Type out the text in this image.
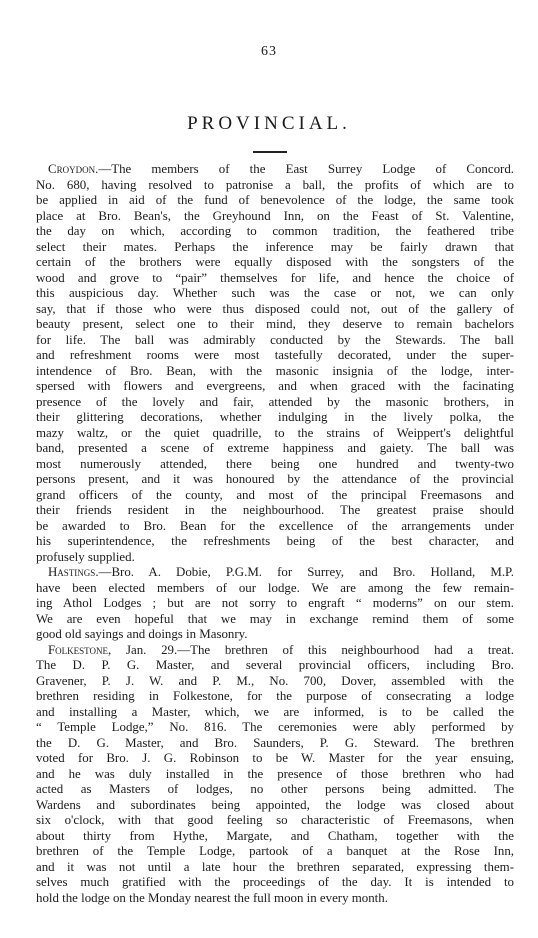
63
PROVINCIAL.
Croydon.—The members of the East Surrey Lodge of Concord.
No. 680, having resolved to patronise a ball, the profits of which are to
be applied in aid of the fund of benevolence of the lodge, the same took
place at Bro. Bean's, the Greyhound Inn, on the Feast of St. Valentine,
the day on which, according to common tradition, the feathered tribe
select their mates. Perhaps the inference may be fairly drawn that
certain of the brothers were equally disposed with the songsters of the
wood and grove to “pair” themselves for life, and hence the choice of
this auspicious day. Whether such was the case or not, we can only
say, that if those who were thus disposed could not, out of the gallery of
beauty present, select one to their mind, they deserve to remain bachelors
for life. The ball was admirably conducted by the Stewards. The ball
and refreshment rooms were most tastefully decorated, under the super-
intendence of Bro. Bean, with the masonic insignia of the lodge, inter-
spersed with flowers and evergreens, and when graced with the facinating
presence of the lovely and fair, attended by the masonic brothers, in
their glittering decorations, whether indulging in the lively polka, the
mazy waltz, or the quiet quadrille, to the strains of Weippert's delightful
band, presented a scene of extreme happiness and gaiety. The ball was
most numerously attended, there being one hundred and twenty-two
persons present, and it was honoured by the attendance of the provincial
grand officers of the county, and most of the principal Freemasons and
their friends resident in the neighbourhood. The greatest praise should
be awarded to Bro. Bean for the excellence of the arrangements under
his superintendence, the refreshments being of the best character, and
profusely supplied.
Hastings.—Bro. A. Dobie, P.G.M. for Surrey, and Bro. Holland, M.P.
have been elected members of our lodge. We are among the few remain-
ing Athol Lodges ; but are not sorry to engraft “ moderns” on our stem.
We are even hopeful that we may in exchange remind them of some
good old sayings and doings in Masonry.
Folkestone, Jan. 29.—The brethren of this neighbourhood had a treat.
The D. P. G. Master, and several provincial officers, including Bro.
Gravener, P. J. W. and P. M., No. 700, Dover, assembled with the
brethren residing in Folkestone, for the purpose of consecrating a lodge
and installing a Master, which, we are informed, is to be called the
“ Temple Lodge,” No. 816. The ceremonies were ably performed by
the D. G. Master, and Bro. Saunders, P. G. Steward. The brethren
voted for Bro. J. G. Robinson to be W. Master for the year ensuing,
and he was duly installed in the presence of those brethren who had
acted as Masters of lodges, no other persons being admitted. The
Wardens and subordinates being appointed, the lodge was closed about
six o'clock, with that good feeling so characteristic of Freemasons, when
about thirty from Hythe, Margate, and Chatham, together with the
brethren of the Temple Lodge, partook of a banquet at the Rose Inn,
and it was not until a late hour the brethren separated, expressing them-
selves much gratified with the proceedings of the day. It is intended to
hold the lodge on the Monday nearest the full moon in every month.
